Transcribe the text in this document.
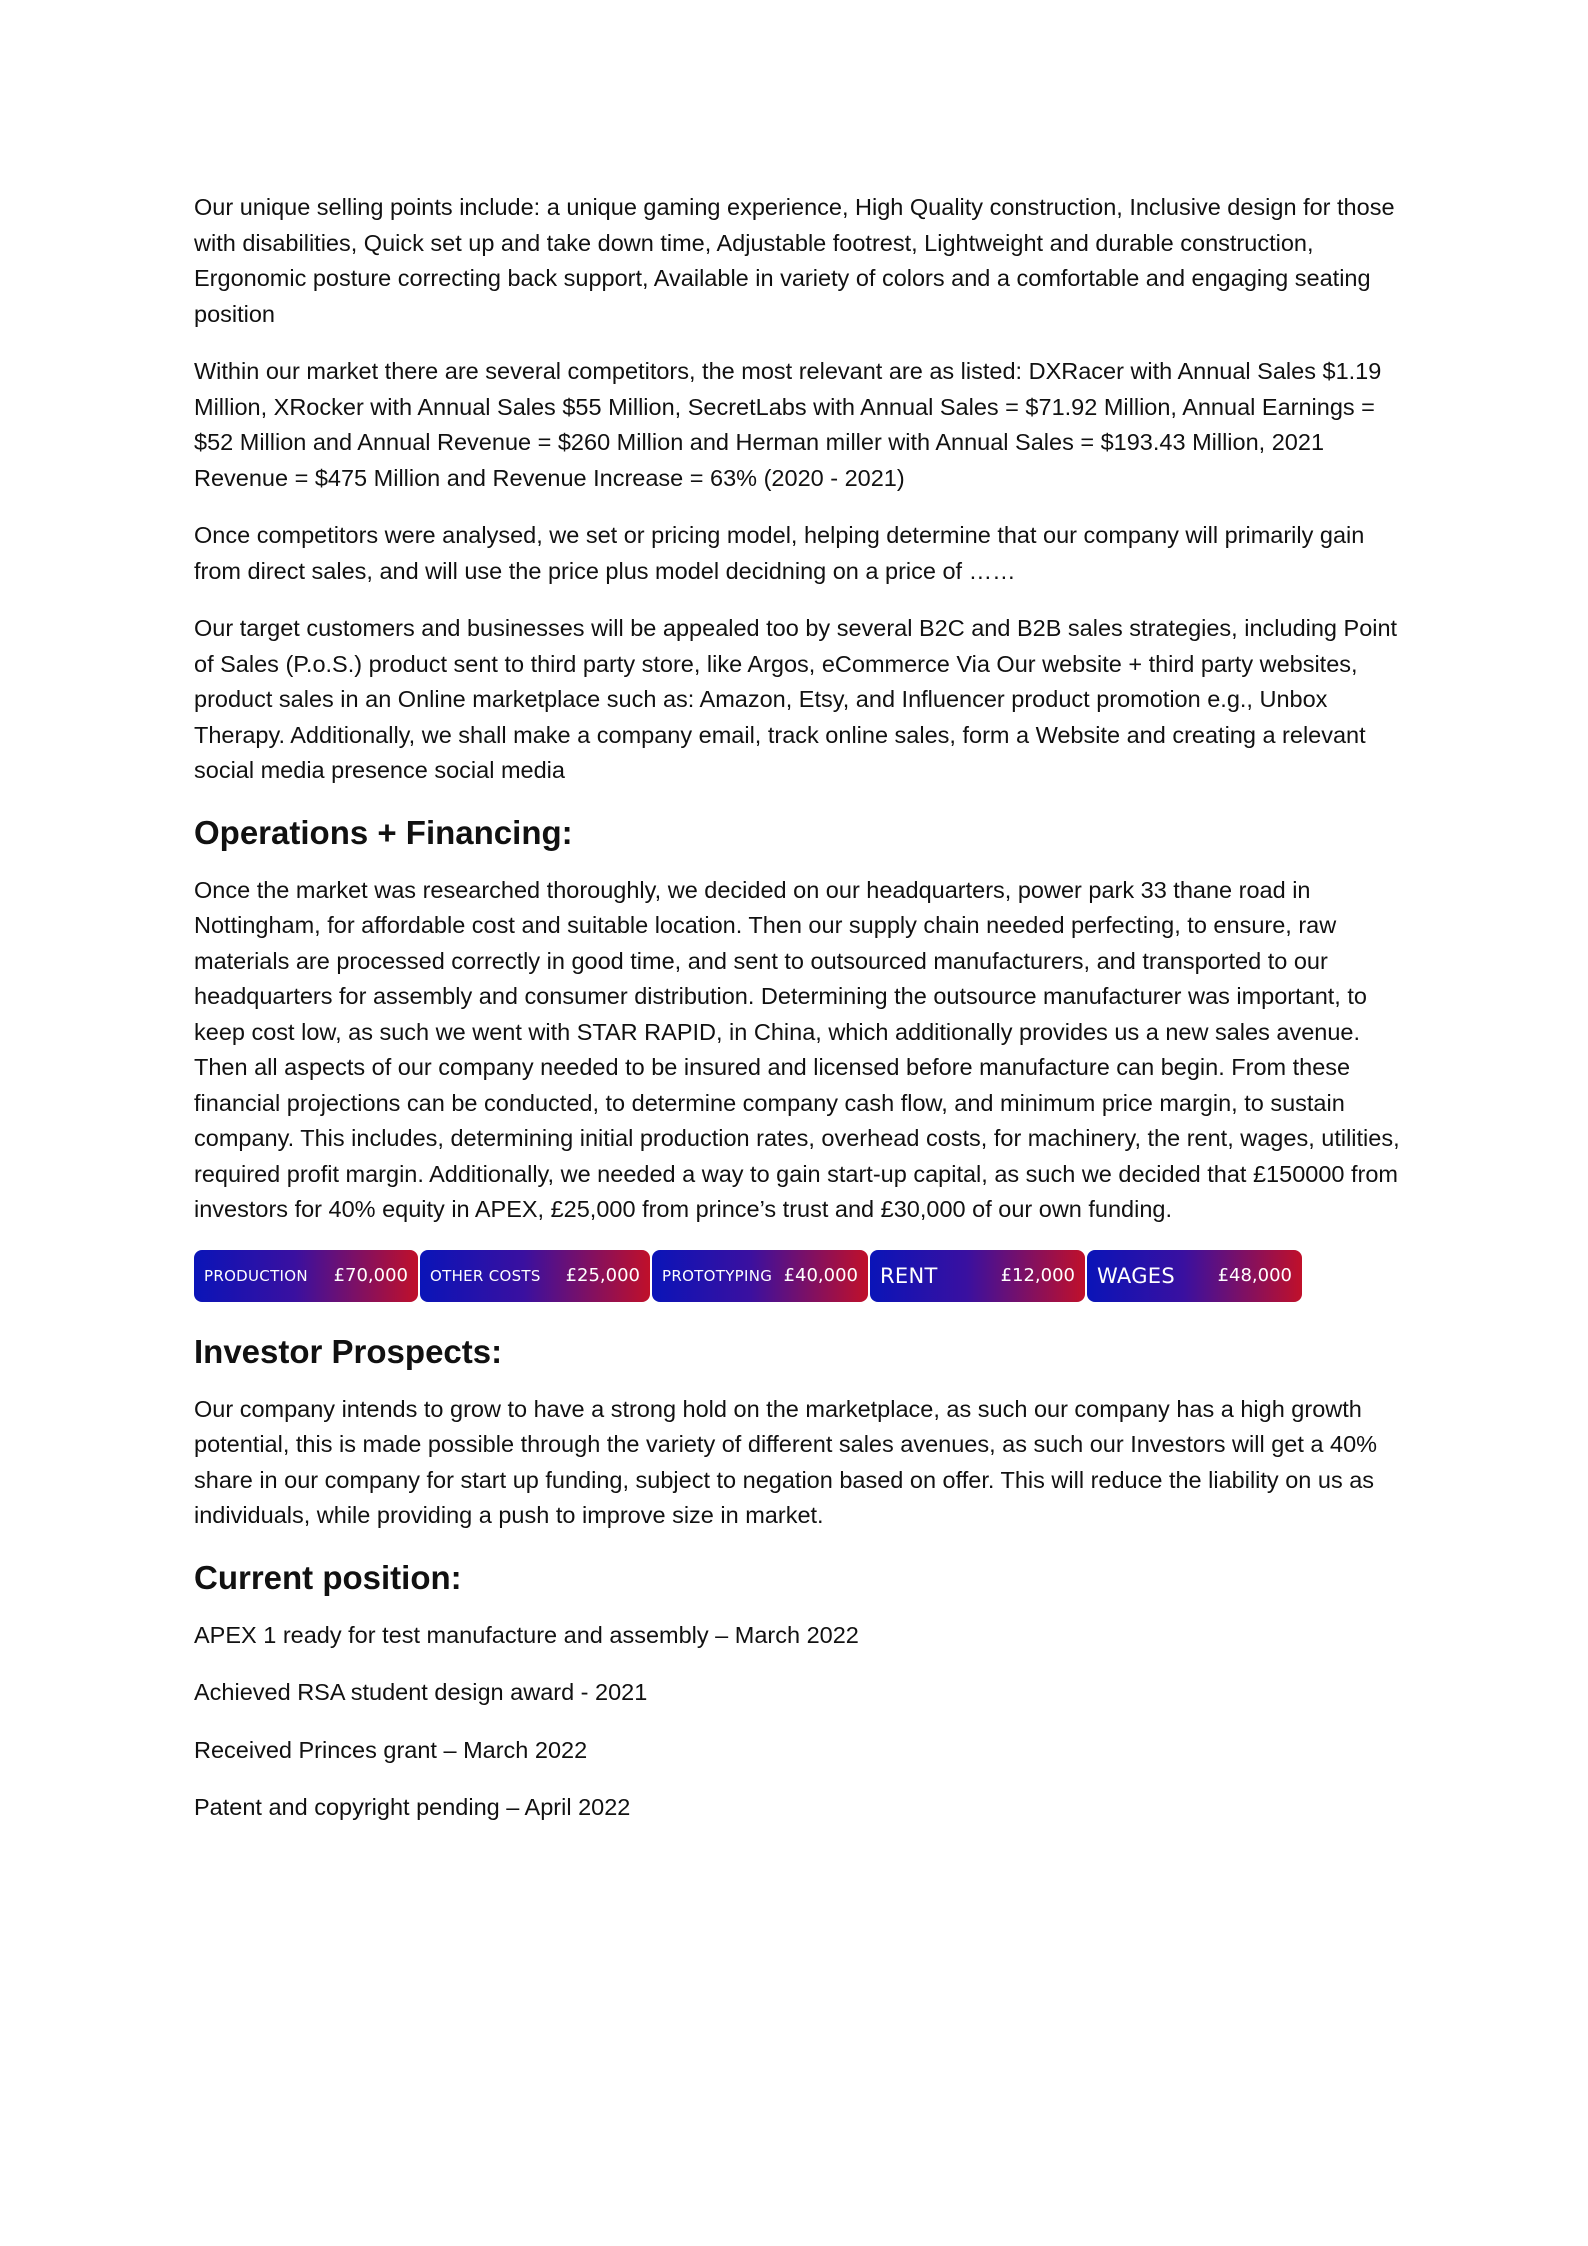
Our unique selling points include: a unique gaming experience, High Quality construction, Inclusive design for those with disabilities, Quick set up and take down time, Adjustable footrest, Lightweight and durable construction, Ergonomic posture correcting back support, Available in variety of colors and a comfortable and engaging seating position

Within our market there are several competitors, the most relevant are as listed: DXRacer with Annual Sales $1.19 Million, XRocker with Annual Sales $55 Million, SecretLabs with Annual Sales = $71.92 Million, Annual Earnings = $52 Million and Annual Revenue = $260 Million and Herman miller with Annual Sales = $193.43 Million, 2021 Revenue = $475 Million and Revenue Increase = 63% (2020 - 2021)

Once competitors were analysed, we set or pricing model, helping determine that our company will primarily gain from direct sales, and will use the price plus model decidning on a price of ……

Our target customers and businesses will be appealed too by several B2C and B2B sales strategies, including Point of Sales (P.o.S.) product sent to third party store, like Argos, eCommerce Via Our website + third party websites, product sales in an Online marketplace such as: Amazon, Etsy, and Influencer product promotion e.g., Unbox Therapy. Additionally, we shall make a company email, track online sales, form a Website and creating a relevant social media presence social media

Operations + Financing:

Once the market was researched thoroughly, we decided on our headquarters, power park 33 thane road in Nottingham, for affordable cost and suitable location. Then our supply chain needed perfecting, to ensure, raw materials are processed correctly in good time, and sent to outsourced manufacturers, and transported to our headquarters for assembly and consumer distribution. Determining the outsource manufacturer was important, to keep cost low, as such we went with STAR RAPID, in China, which additionally provides us a new sales avenue. Then all aspects of our company needed to be insured and licensed before manufacture can begin. From these financial projections can be conducted, to determine company cash flow, and minimum price margin, to sustain company. This includes, determining initial production rates, overhead costs, for machinery, the rent, wages, utilities, required profit margin. Additionally, we needed a way to gain start-up capital, as such we decided that £150000 from investors for 40% equity in APEX, £25,000 from prince’s trust and £30,000 of our own funding.

PRODUCTION £70,000 OTHER COSTS £25,000 PROTOTYPING £40,000 RENT	£12,000 WAGES £48,000
Investor Prospects:

Our company intends to grow to have a strong hold on the marketplace, as such our company has a high growth potential, this is made possible through the variety of different sales avenues, as such our Investors will get a 40% share in our company for start up funding, subject to negation based on offer. This will reduce the liability on us as individuals, while providing a push to improve size in market.

Current position:

APEX 1 ready for test manufacture and assembly – March 2022

Achieved RSA student design award - 2021

Received Princes grant – March 2022

Patent and copyright pending – April 2022
